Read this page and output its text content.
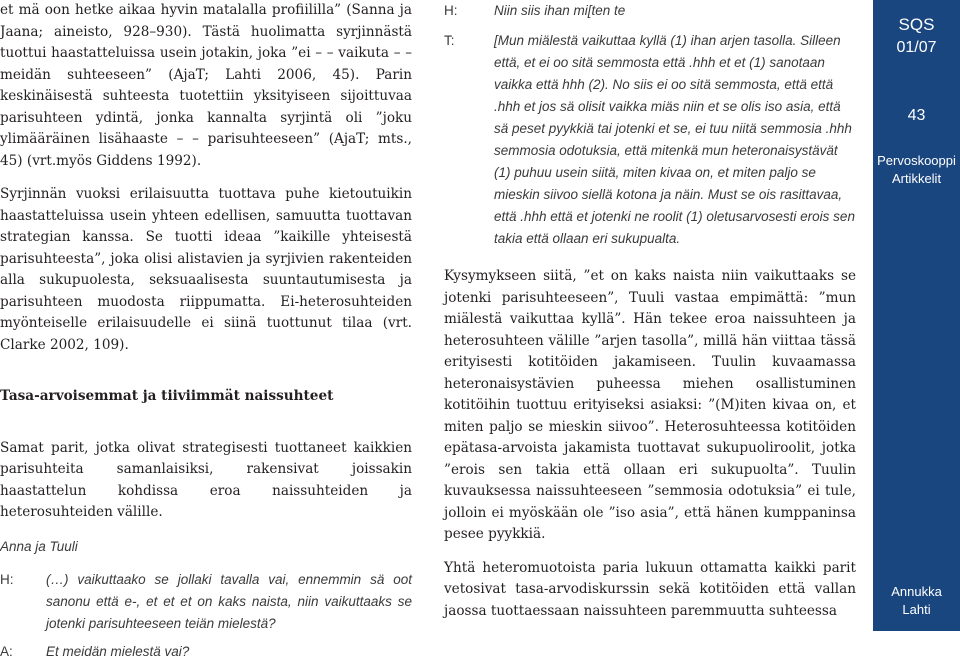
et mä oon hetke aikaa hyvin matalalla profiililla” (Sanna ja Jaana; aineisto, 928–930). Tästä huolimatta syrjinnästä tuottui haastatteluissa usein jotakin, joka ”ei – – vaikuta – – meidän suhteeseen” (AjaT; Lahti 2006, 45). Parin keskinäisestä suhteesta tuotettiin yksityiseen sijoittuvaa parisuhteen ydintä, jonka kannalta syrjintä oli ”joku ylimääräinen lisähaaste – – parisuhteeseen” (AjaT; mts., 45) (vrt.myös Giddens 1992).

Syrjinnän vuoksi erilaisuutta tuottava puhe kietoutuikin haastatteluissa usein yhteen edellisen, samuutta tuottavan strategian kanssa. Se tuotti ideaa ”kaikille yhteisestä parisuhteesta”, joka olisi alistavien ja syrjivien rakenteiden alla sukupuolesta, seksuaalisesta suuntautumisesta ja parisuhteen muodosta riippumatta. Ei-heterosuhteiden myönteiselle erilaisuudelle ei siinä tuottunut tilaa (vrt. Clarke 2002, 109).

Tasa-arvoisemmat ja tiiviimmät naissuhteet

Samat parit, jotka olivat strategisesti tuottaneet kaikkien parisuhteita samanlaisiksi, rakensivat joissakin haastattelun kohdissa eroa naissuhteiden ja heterosuhteiden välille.

Anna ja Tuuli

H:	(…) vaikuttaako se jollaki tavalla vai, ennemmin sä oot sanonu että e-, et et et on kaks naista, niin vaikuttaaks se jotenki parisuhteeseen teiän mielestä?
A:	Et meidän mielestä vai?
H:	Niin siis ihan mi[ten te
T:	[Mun miälestä vaikuttaa kyllä (1) ihan arjen tasolla. Silleen että, et ei oo sitä semmosta että .hhh et et (1) sanotaan vaikka että hhh (2). No siis ei oo sitä semmosta, että että .hhh et jos sä olisit vaikka miäs niin et se olis iso asia, että sä peset pyykkiä tai jotenki et se, ei tuu niitä semmosia .hhh semmosia odotuksia, että mitenkä mun heteronaisystävät (1) puhuu usein siitä, miten kivaa on, et miten paljo se mieskin siivoo siellä kotona ja näin. Must se ois rasittavaa, että .hhh että et jotenki ne roolit (1) oletusarvosesti erois sen takia että ollaan eri sukupualta.

Kysymykseen siitä, ”et on kaks naista niin vaikuttaaks se jotenki parisuhteeseen”, Tuuli vastaa empimättä: ”mun miälestä vaikuttaa kyllä”. Hän tekee eroa naissuhteen ja heterosuhteen välille ”arjen tasolla”, millä hän viittaa tässä erityisesti kotitöiden jakamiseen. Tuulin kuvaamassa heteronaisystävien puheessa miehen osallistuminen kotitöihin tuottuu erityiseksi asiaksi: ”(M)iten kivaa on, et miten paljo se mieskin siivoo”. Heterosuhteessa kotitöiden epätasa-arvoista jakamista tuottavat sukupuoliroolit, jotka ”erois sen takia että ollaan eri sukupuolta”. Tuulin kuvauksessa naissuhteeseen ”semmosia odotuksia” ei tule, jolloin ei myöskään ole ”iso asia”, että hänen kumppaninsa pesee pyykkiä.

Yhtä heteromuotoista paria lukuun ottamatta kaikki parit vetosivat tasa-arvodiskurssin sekä kotitöiden että vallan jaossa tuottaessaan naissuhteen paremmuutta suhteessa

SQS
01/07
43
Pervoskooppi
Artikkelit
Annukka
Lahti
